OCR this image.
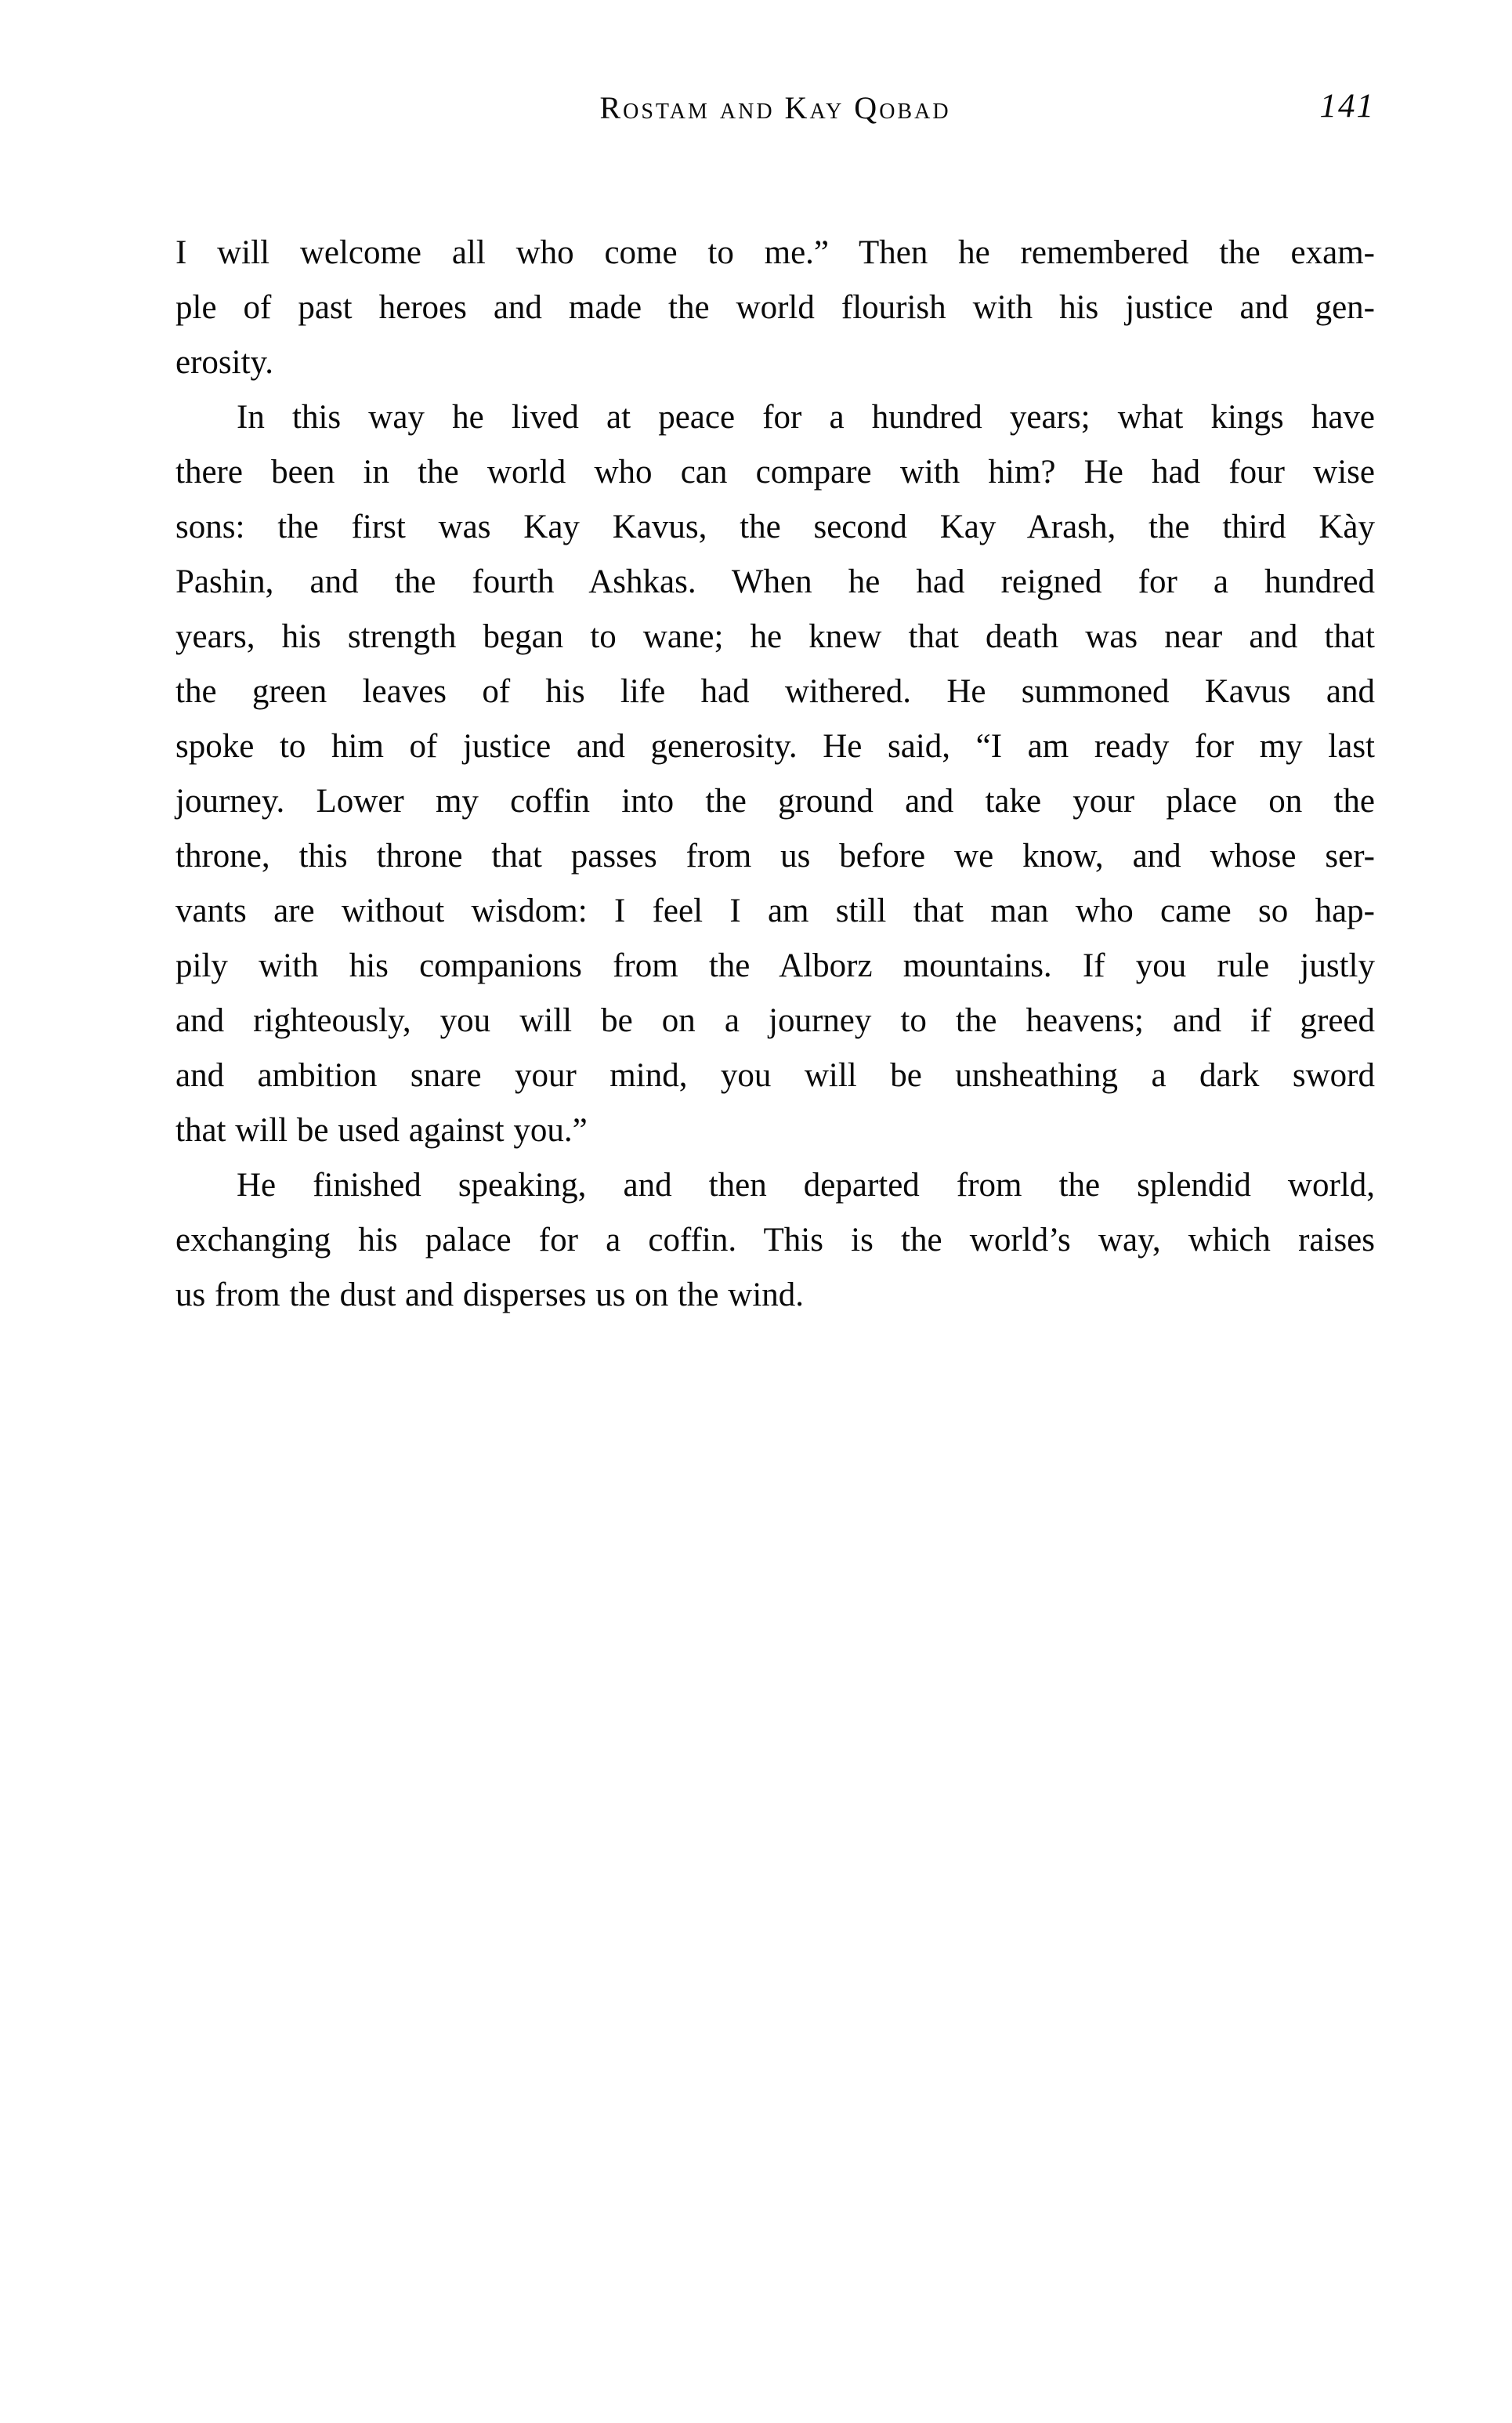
Rostam and Kay Qobad	141
I will welcome all who come to me.” Then he remembered the exam-
ple of past heroes and made the world flourish with his justice and gen-
erosity.
In this way he lived at peace for a hundred years; what kings have
there been in the world who can compare with him? He had four wise
sons: the first was Kay Kavus, the second Kay Arash, the third Kày
Pashin, and the fourth Ashkas. When he had reigned for a hundred
years, his strength began to wane; he knew that death was near and that
the green leaves of his life had withered. He summoned Kavus and
spoke to him of justice and generosity. He said, “I am ready for my last
journey. Lower my coffin into the ground and take your place on the
throne, this throne that passes from us before we know, and whose ser-
vants are without wisdom: I feel I am still that man who came so hap-
pily with his companions from the Alborz mountains. If you rule justly
and righteously, you will be on a journey to the heavens; and if greed
and ambition snare your mind, you will be unsheathing a dark sword
that will be used against you.”
He finished speaking, and then departed from the splendid world,
exchanging his palace for a coffin. This is the world’s way, which raises
us from the dust and disperses us on the wind.
